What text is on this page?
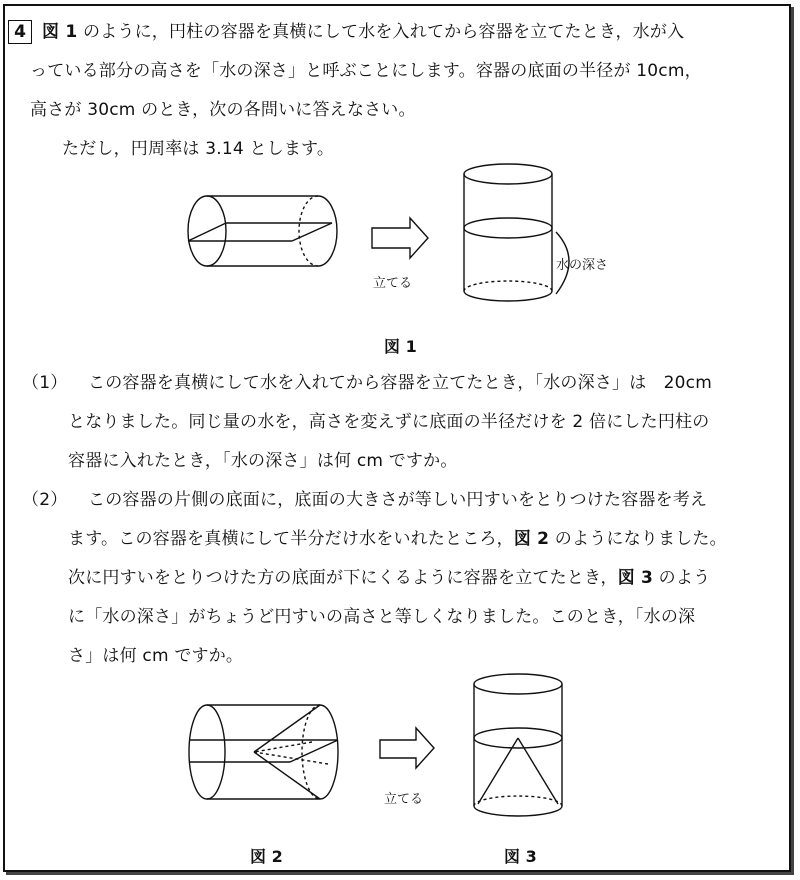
4 図 1 のように，円柱の容器を真横にして水を入れてから容器を立てたとき，水が入
っている部分の高さを「水の深さ」と呼ぶことにします。容器の底面の半径が 10cm，
高さが 30cm のとき，次の各問いに答えなさい。
ただし，円周率は 3.14 とします。
立てる
水の深さ
図 1
（1） この容器を真横にして水を入れてから容器を立てたとき，「水の深さ」は　20cm
となりました。同じ量の水を，高さを変えずに底面の半径だけを 2 倍にした円柱の
容器に入れたとき，「水の深さ」は何 cm ですか。
（2） この容器の片側の底面に，底面の大きさが等しい円すいをとりつけた容器を考え
ます。この容器を真横にして半分だけ水をいれたところ，図 2 のようになりました。
次に円すいをとりつけた方の底面が下にくるように容器を立てたとき，図 3 のよう
に「水の深さ」がちょうど円すいの高さと等しくなりました。このとき，「水の深
さ」は何 cm ですか。
立てる
図 2	図 3
